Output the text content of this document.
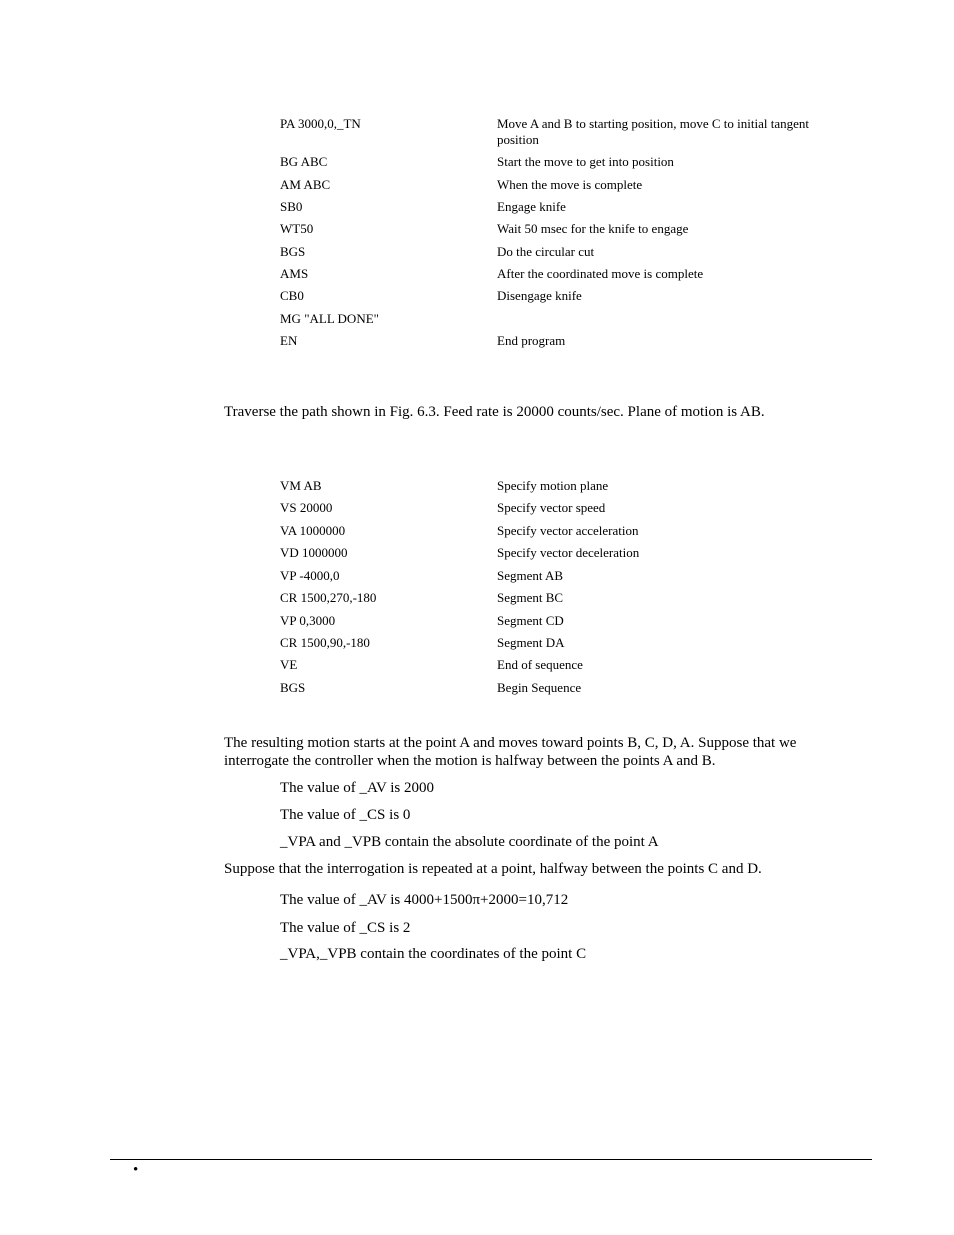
PA 3000,0,_TN	Move A and B to starting position, move C to initial tangent position
BG ABC	Start the move to get into position
AM ABC	When the move is complete
SB0	Engage knife
WT50	Wait 50 msec for the knife to engage
BGS	Do the circular cut
AMS	After the coordinated move is complete
CB0	Disengage knife
MG "ALL DONE"
EN	End program
Traverse the path shown in Fig. 6.3. Feed rate is 20000 counts/sec. Plane of motion is AB.
VM AB	Specify motion plane
VS 20000	Specify vector speed
VA 1000000	Specify vector acceleration
VD 1000000	Specify vector deceleration
VP -4000,0	Segment AB
CR 1500,270,-180	Segment BC
VP 0,3000	Segment CD
CR 1500,90,-180	Segment DA
VE	End of sequence
BGS	Begin Sequence
The resulting motion starts at the point A and moves toward points B, C, D, A. Suppose that we interrogate the controller when the motion is halfway between the points A and B.
The value of _AV is 2000
The value of _CS is 0
_VPA and _VPB contain the absolute coordinate of the point A
Suppose that the interrogation is repeated at a point, halfway between the points C and D.
The value of _AV is 4000+1500π+2000=10,712
The value of _CS is 2
_VPA,_VPB contain the coordinates of the point C
•
